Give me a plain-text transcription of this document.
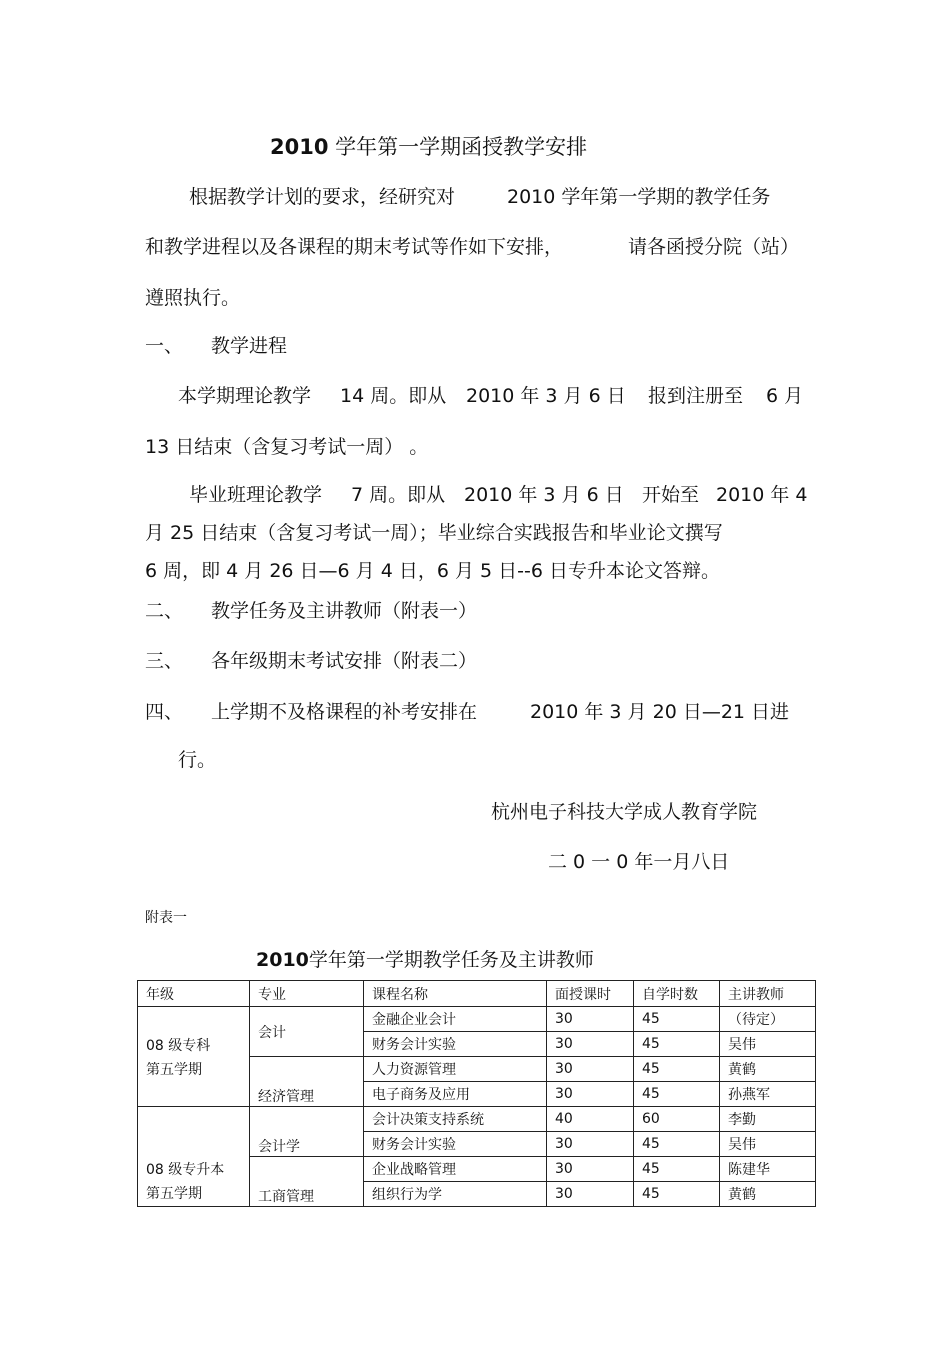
2010 学年第一学期函授教学安排
根据教学计划的要求，经研究对	2010 学年第一学期的教学任务
和教学进程以及各课程的期末考试等作如下安排，	请各函授分院（站）
遵照执行。
一、 教学进程
本学期理论教学 14 周。即从 2010 年 3 月 6 日 报到注册至 6 月
13 日结束（含复习考试一周） 。
毕业班理论教学 7 周。即从 2010 年 3 月 6 日 开始至 2010 年 4
月 25 日结束（含复习考试一周）；毕业综合实践报告和毕业论文撰写
6 周，即 4 月 26 日—6 月 4 日，6 月 5 日--6 日专升本论文答辩。
二、 教学任务及主讲教师（附表一）
三、 各年级期末考试安排（附表二）
四、 上学期不及格课程的补考安排在	2010 年 3 月 20 日—21 日进
行。
杭州电子科技大学成人教育学院
二 0 一 0 年一月八日
附表一
2010学年第一学期教学任务及主讲教师
年级	专业	课程名称	面授课时	自学时数	主讲教师

08 级专科
第五学期	会计	金融企业会计	30	45	（待定）
		财务会计实验	30	45	吴伟
	经济管理	人力资源管理	30	45	黄鹤
		电子商务及应用	30	45	孙燕军

08 级专升本
第五学期	会计学	会计决策支持系统	40	60	李勤
		财务会计实验	30	45	吴伟
	工商管理	企业战略管理	30	45	陈建华
		组织行为学	30	45	黄鹤
